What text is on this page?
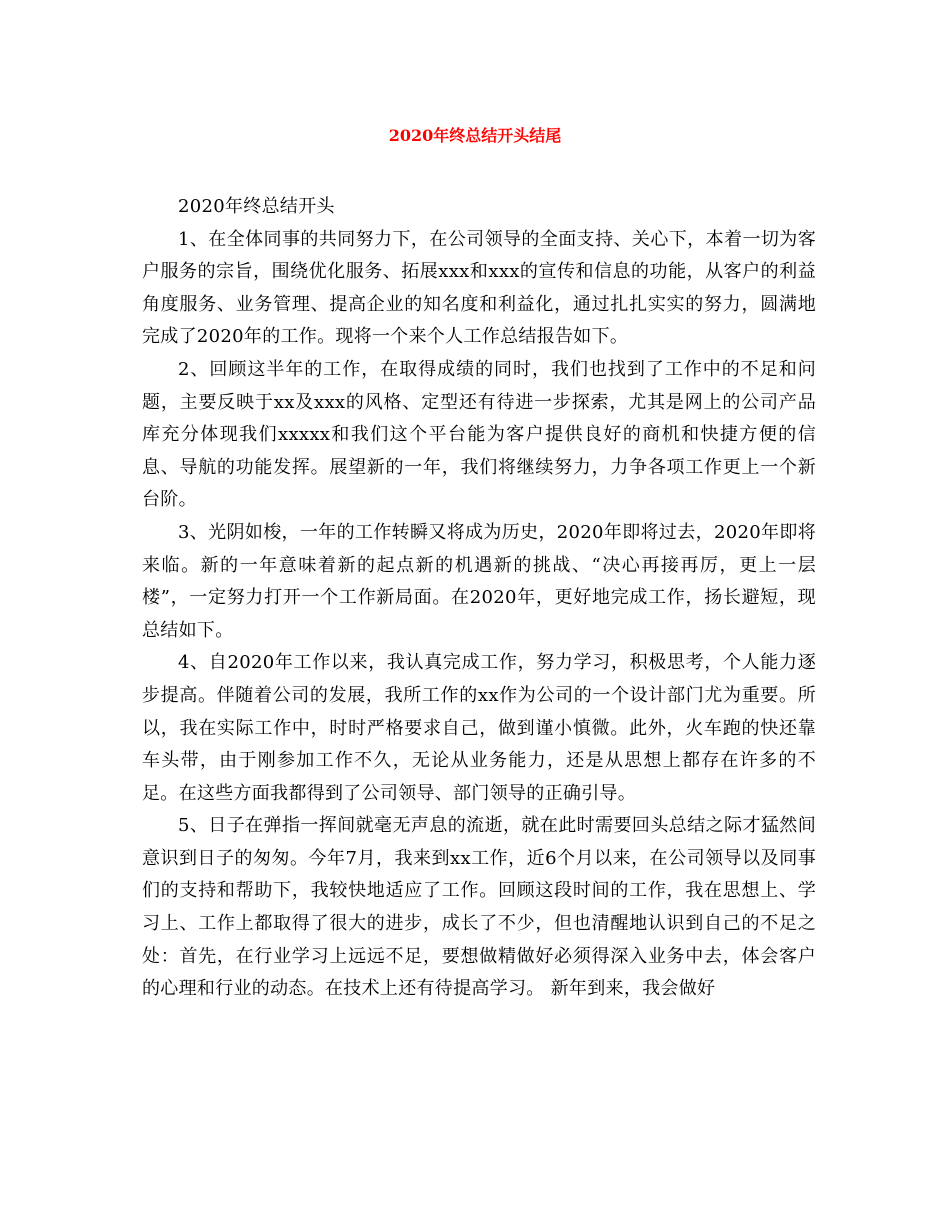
2020年终总结开头结尾

2020年终总结开头

1、在全体同事的共同努力下，在公司领导的全面支持、关心下，本着一切为客户服务的宗旨，围绕优化服务、拓展xxx和xxx的宣传和信息的功能，从客户的利益角度服务、业务管理、提高企业的知名度和利益化，通过扎扎实实的努力，圆满地完成了2020年的工作。现将一个来个人工作总结报告如下。

2、回顾这半年的工作，在取得成绩的同时，我们也找到了工作中的不足和问题，主要反映于xx及xxx的风格、定型还有待进一步探索，尤其是网上的公司产品库充分体现我们xxxxx和我们这个平台能为客户提供良好的商机和快捷方便的信息、导航的功能发挥。展望新的一年，我们将继续努力，力争各项工作更上一个新台阶。

3、光阴如梭，一年的工作转瞬又将成为历史，2020年即将过去，2020年即将来临。新的一年意味着新的起点新的机遇新的挑战、“决心再接再厉，更上一层楼”，一定努力打开一个工作新局面。在2020年，更好地完成工作，扬长避短，现总结如下。

4、自2020年工作以来，我认真完成工作，努力学习，积极思考，个人能力逐步提高。伴随着公司的发展，我所工作的xx作为公司的一个设计部门尤为重要。所以，我在实际工作中，时时严格要求自己，做到谨小慎微。此外，火车跑的快还靠车头带，由于刚参加工作不久，无论从业务能力，还是从思想上都存在许多的不足。在这些方面我都得到了公司领导、部门领导的正确引导。

5、日子在弹指一挥间就毫无声息的流逝，就在此时需要回头总结之际才猛然间意识到日子的匆匆。今年7月，我来到xx工作，近6个月以来，在公司领导以及同事们的支持和帮助下，我较快地适应了工作。回顾这段时间的工作，我在思想上、学习上、工作上都取得了很大的进步，成长了不少，但也清醒地认识到自己的不足之处：首先，在行业学习上远远不足，要想做精做好必须得深入业务中去，体会客户的心理和行业的动态。在技术上还有待提高学习。 新年到来，我会做好
